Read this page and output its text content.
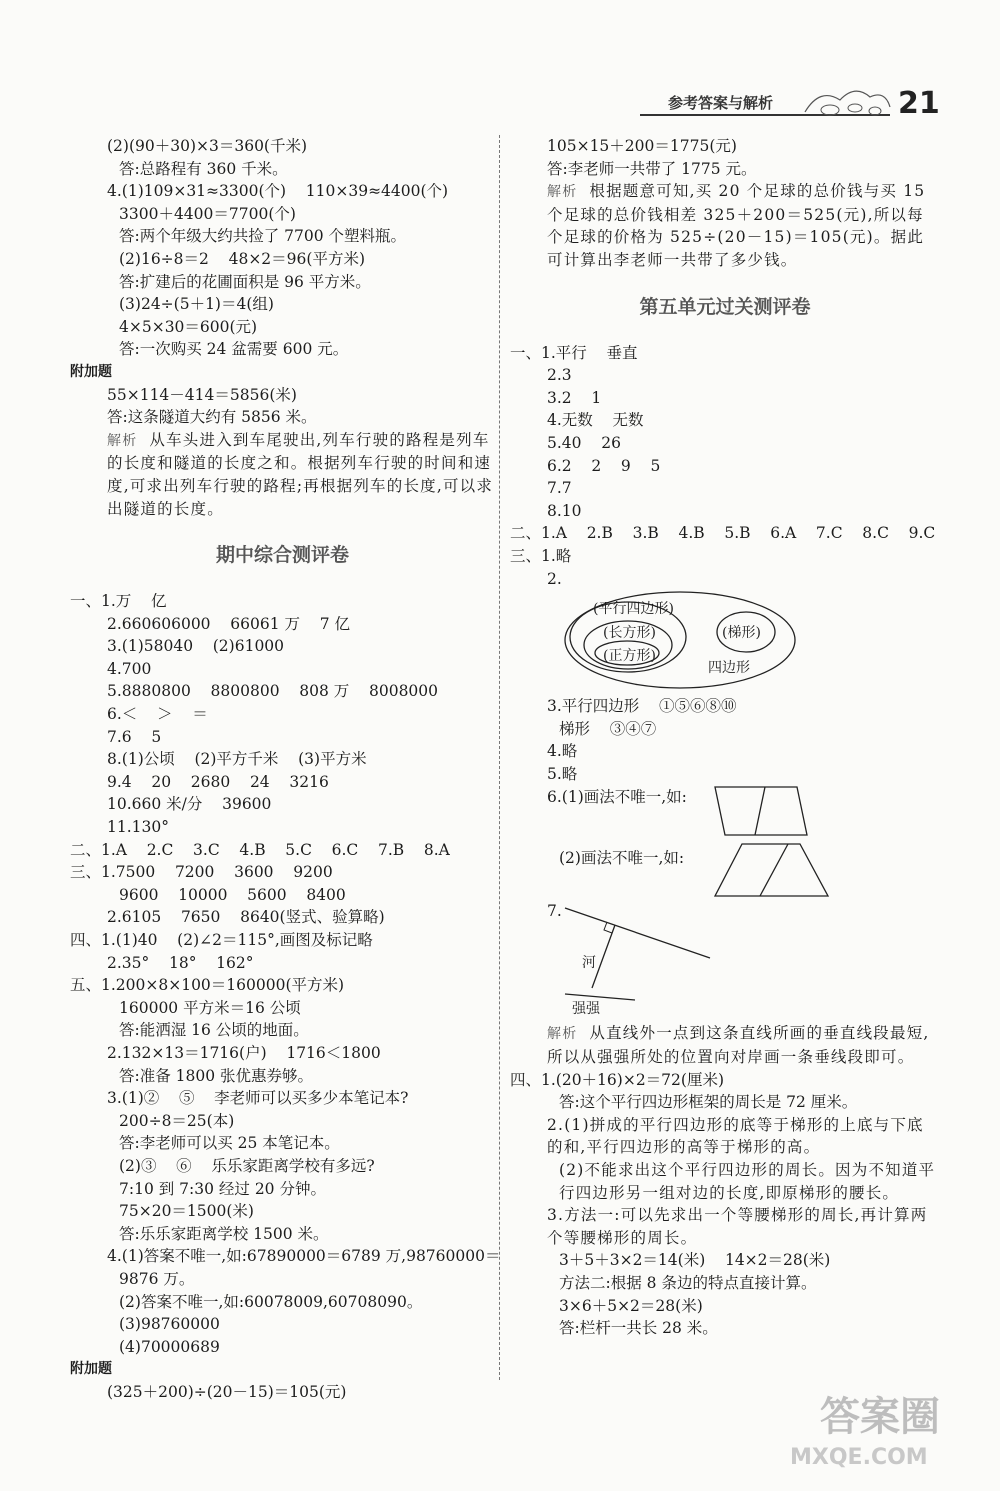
参考答案与解析	21
(2)(90＋30)×3＝360(千米)
答:总路程有 360 千米。
4.(1)109×31≈3300(个)    110×39≈4400(个)
3300＋4400＝7700(个)
答:两个年级大约共捡了 7700 个塑料瓶。
(2)16÷8＝2    48×2＝96(平方米)
答:扩建后的花圃面积是 96 平方米。
(3)24÷(5＋1)＝4(组)
4×5×30＝600(元)
答:一次购买 24 盆需要 600 元。
附加题
55×114－414＝5856(米)
答:这条隧道大约有 5856 米。
解析 从车头进入到车尾驶出,列车行驶的路程是列车的长度和隧道的长度之和。根据列车行驶的时间和速度,可求出列车行驶的路程;再根据列车的长度,可以求出隧道的长度。
期中综合测评卷
一、1.万    亿
2.660606000    66061 万    7 亿
3.(1)58040    (2)61000
4.700
5.8880800    8800800    808 万    8008000
6.＜    ＞    ＝
7.6    5
8.(1)公顷    (2)平方千米    (3)平方米
9.4    20    2680    24    3216
10.660 米/分    39600
11.130°
二、1.A    2.C    3.C    4.B    5.C    6.C    7.B    8.A
三、1.7500    7200    3600    9200
9600    10000    5600    8400
2.6105    7650    8640(竖式、验算略)
四、1.(1)40    (2)∠2＝115°,画图及标记略
2.35°    18°    162°
五、1.200×8×100＝160000(平方米)
160000 平方米＝16 公顷
答:能洒湿 16 公顷的地面。
2.132×13＝1716(户)    1716＜1800
答:准备 1800 张优惠券够。
3.(1)②    ⑤    李老师可以买多少本笔记本?
200÷8＝25(本)
答:李老师可以买 25 本笔记本。
(2)③    ⑥    乐乐家距离学校有多远?
7:10 到 7:30 经过 20 分钟。
75×20＝1500(米)
答:乐乐家距离学校 1500 米。
4.(1)答案不唯一,如:67890000＝6789 万,98760000＝
9876 万。
(2)答案不唯一,如:60078009,60708090。
(3)98760000
(4)70000689
附加题
(325＋200)÷(20－15)＝105(元)
105×15＋200＝1775(元)
答:李老师一共带了 1775 元。
解析 根据题意可知,买 20 个足球的总价钱与买 15 个足球的总价钱相差 325＋200＝525(元),所以每个足球的价格为 525÷(20－15)＝105(元)。据此可计算出李老师一共带了多少钱。
第五单元过关测评卷
一、1.平行    垂直
2.3
3.2    1
4.无数    无数
5.40    26
6.2    2    9    5
7.7
8.10
二、1.A    2.B    3.B    4.B    5.B    6.A    7.C    8.C    9.C
三、1.略
2.
(平行四边形)
(长方形)
(正方形)
(梯形)
四边形
3.平行四边形    ①⑤⑥⑧⑩
梯形    ③④⑦
4.略
5.略
6.(1)画法不唯一,如:
(2)画法不唯一,如:
7.
河
强强
解析 从直线外一点到这条直线所画的垂直线段最短,所以从强强所处的位置向对岸画一条垂线段即可。
四、1.(20＋16)×2＝72(厘米)
答:这个平行四边形框架的周长是 72 厘米。
2.(1)拼成的平行四边形的底等于梯形的上底与下底的和,平行四边形的高等于梯形的高。
(2)不能求出这个平行四边形的周长。因为不知道平行四边形另一组对边的长度,即原梯形的腰长。
3.方法一:可以先求出一个等腰梯形的周长,再计算两个等腰梯形的周长。
3＋5＋3×2＝14(米)    14×2＝28(米)
方法二:根据 8 条边的特点直接计算。
3×6＋5×2＝28(米)
答:栏杆一共长 28 米。
答案圈
MXQE.COM
